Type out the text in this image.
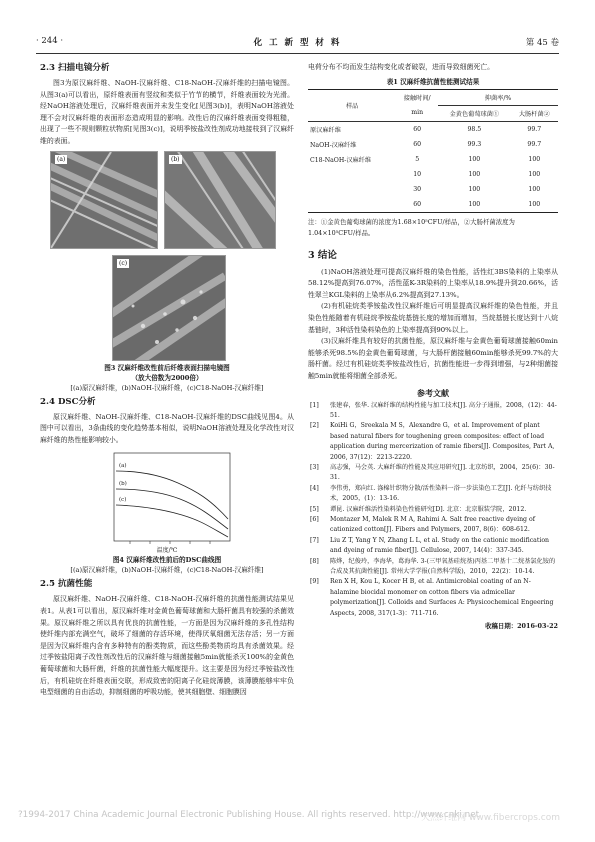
· 244 ·	化 工 新 型 材 料	第 45 卷

2.3 扫描电镜分析

图3为原汉麻纤维、NaOH-汉麻纤维、C18-NaOH-汉麻纤维的扫描电镜图。从图3(a)可以看出，原纤维表面有竖纹和类似于竹节的横节，纤维表面较为光滑。经NaOH溶液处理后，汉麻纤维表面并未发生变化[见图3(b)]，表明NaOH溶液处理不会对汉麻纤维的表面形态造成明显的影响。改性后的汉麻纤维表面变得粗糙，出现了一些不规则颗粒状物质[见图3(c)]，说明季铵盐改性剂成功地接枝到了汉麻纤维的表面。

(a)	(b)
(c)

图3 汉麻纤维改性前后纤维表面扫描电镜图

（放大倍数为2000倍）

[(a)原汉麻纤维，(b)NaOH-汉麻纤维，(c)C18-NaOH-汉麻纤维]

2.4 DSC分析

原汉麻纤维、NaOH-汉麻纤维、C18-NaOH-汉麻纤维的DSC曲线见图4。从图中可以看出，3条曲线的变化趋势基本相似，说明NaOH溶液处理及化学改性对汉麻纤维的热性能影响较小。

(a)
(b)
(c)
温度/℃

图4 汉麻纤维改性前后的DSC曲线图

[(a)原汉麻纤维，(b)NaOH-汉麻纤维，(c)C18-NaOH-汉麻纤维]

2.5 抗菌性能

原汉麻纤维、NaOH-汉麻纤维、C18-NaOH-汉麻纤维的抗菌性能测试结果见表1。从表1可以看出，原汉麻纤维对金黄色葡萄球菌和大肠杆菌具有较强的杀菌效果。原汉麻纤维之所以具有优良的抗菌性能，一方面是因为汉麻纤维的多孔性结构使纤维内部充满空气，破坏了细菌的存活环境，使得厌氧细菌无法存活；另一方面是因为汉麻纤维内含有多种特有的酚类物质，而这些酚类物质均具有杀菌效果。经过季铵盐阳离子改性剂改性后的汉麻纤维与细菌接触5min就能杀灭100%的金黄色葡萄球菌和大肠杆菌，纤维的抗菌性能大幅度提升。这主要是因为经过季铵盐改性后，有机硅烷在纤维表面交联，形成致密的阳离子化硅烷薄膜，该薄膜能够牢牢负电型细菌的自由活动，抑制细菌的呼吸功能，使其细胞壁、细胞膜因

电荷分布不均而发生结构变化或者破裂，进而导致细菌死亡。

表1 汉麻纤维抗菌性能测试结果

样品	接触时间/	抑菌率/%	
	min	金黄色葡萄球菌①	大肠杆菌②
原汉麻纤维	60	98.5	99.7
NaOH-汉麻纤维	60	99.3	99.7
C18-NaOH-汉麻纤维	5	100	100
	10	100	100
	30	100	100
	60	100	100

注：①金黄色葡萄球菌的浓度为1.68×10⁵CFU/样品，②大肠杆菌浓度为1.04×10⁵CFU/样品。

3 结论

(1)NaOH溶液处理可提高汉麻纤维的染色性能，活性红3BS染料的上染率从58.12%提高到76.07%，活性蓝K-3R染料的上染率从18.9%提升到20.66%，活性翠兰KGL染料的上染率从6.2%提高到27.13%。

(2)有机硅烷类季铵盐改性汉麻纤维后可明显提高汉麻纤维的染色性能，并且染色性能随着有机硅烷季铵盐烷基链长度的增加而增加，当烷基链长度达到十八烷基链时，3种活性染料染色的上染率提高到90%以上。

(3)汉麻纤维具有较好的抗菌性能，原汉麻纤维与金黄色葡萄球菌接触60min能够杀死98.5%的金黄色葡萄球菌，与大肠杆菌接触60min能够杀死99.7%的大肠杆菌。经过有机硅烷类季铵盐改性后，抗菌性能进一步得到增强，与2种细菌接触5min就能将细菌全部杀死。

参考文献

[1] 张建春，张华. 汉麻纤维的结构性能与加工技术[J]. 高分子通报，2008，(12)：44-51.
[2] KoiHi G，Sreekala M S，Alexandre G，et al. Improvement of plant based natural fibers for toughening green composites: effect of load application during mercerization of ramie fibers[J]. Composites, Part A, 2006, 37(12)：2213-2220.
[3] 高志强，马会英. 大麻纤维的性能及其应用研究[J]. 北京纺织，2004，25(6)：30-31.
[4] 李伟勇，郑向红. 涤棉针织物分散/活性染料一浴一步法染色工艺[J]. 化纤与纺织技术，2005，(1)：13-16.
[5] 谭昆. 汉麻纤维活性染料染色性能研究[D]. 北京：北京服装学院，2012.
[6] Montazer M, Malek R M A, Rahimi A. Salt free reactive dyeing of cationized cotton[J]. Fibers and Polymers, 2007, 8(6)：608-612.
[7] Liu Z T, Yang Y N, Zhang L L, et al. Study on the cationic modification and dyeing of ramie fiber[J]. Cellulose, 2007, 14(4)：337-345.
[8] 陈烨，纪俊玲，李海华，葛海华. 3-(三甲氧基硅烷基)丙基二甲基十二烷基氯化铵的合成及其抗菌性能[J]. 常州大学学报(自然科学版)，2010，22(2)：10-14.
[9] Ren X H, Kou L, Kocer H B, et al. Antimicrobial coating of an N-halamine biocidal monomer on cotton fibers via admicellar polymerization[J]. Colloids and Surfaces A: Physicochemical Engeering Aspects, 2008, 317(1-3)：711-716.
收稿日期：2016-03-22
?1994-2017 China Academic Journal Electronic Publishing House. All rights reserved. http://www.cnki.net
天然纤维网 www.fibercrops.com
